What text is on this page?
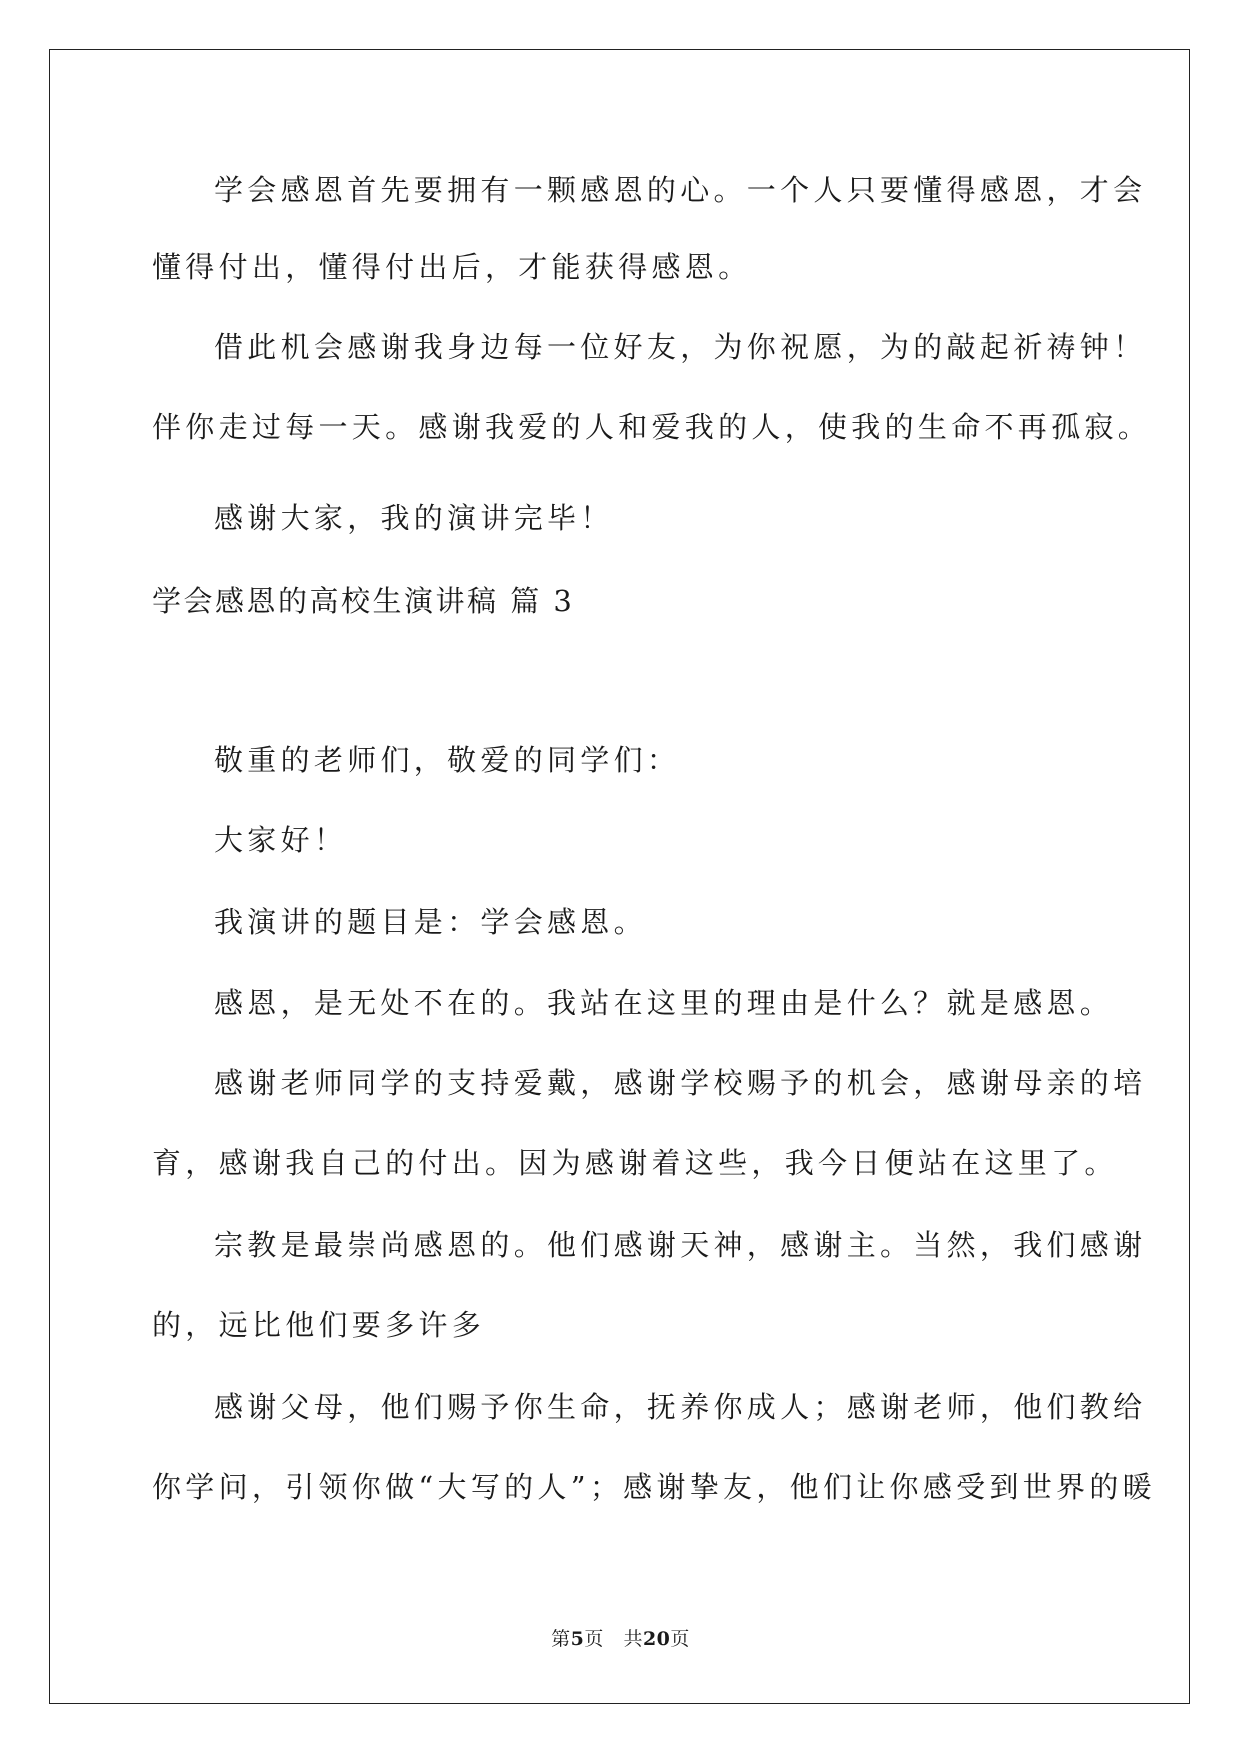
学会感恩首先要拥有一颗感恩的心。一个人只要懂得感恩，才会
懂得付出，懂得付出后，才能获得感恩。
借此机会感谢我身边每一位好友，为你祝愿，为的敲起祈祷钟！
伴你走过每一天。感谢我爱的人和爱我的人，使我的生命不再孤寂。
感谢大家，我的演讲完毕！
学会感恩的高校生演讲稿 篇 3
敬重的老师们，敬爱的同学们：
大家好！
我演讲的题目是：学会感恩。
感恩，是无处不在的。我站在这里的理由是什么？就是感恩。
感谢老师同学的支持爱戴，感谢学校赐予的机会，感谢母亲的培
育，感谢我自己的付出。因为感谢着这些，我今日便站在这里了。
宗教是最崇尚感恩的。他们感谢天神，感谢主。当然，我们感谢
的，远比他们要多许多
感谢父母，他们赐予你生命，抚养你成人；感谢老师，他们教给
你学问，引领你做“大写的人”；感谢挚友，他们让你感受到世界的暖
第5页   共20页
